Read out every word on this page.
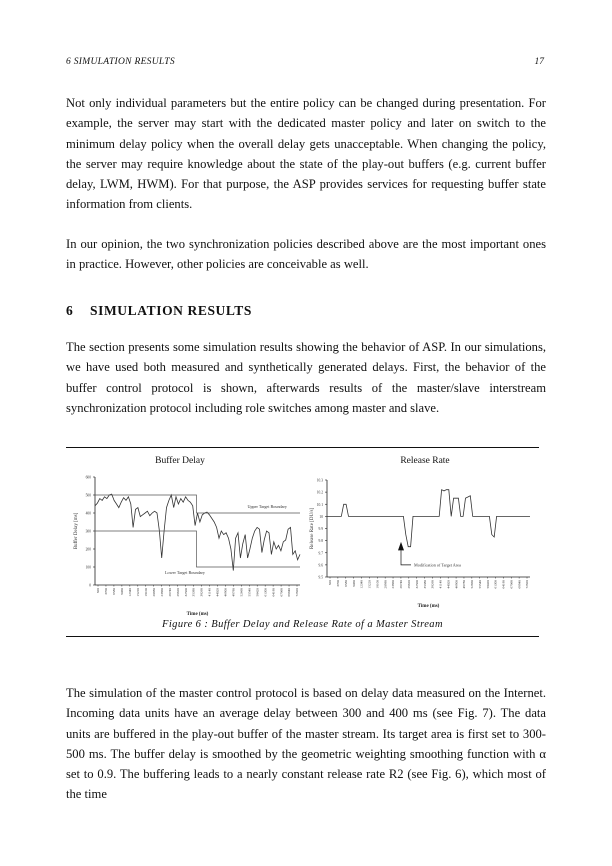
6 SIMULATION RESULTS	17

Not only individual parameters but the entire policy can be changed during presentation. For example, the server may start with the dedicated master policy and later on switch to the minimum delay policy when the overall delay gets unacceptable. When changing the policy, the server may require knowledge about the state of the play-out buffers (e.g. current buffer delay, LWM, HWM). For that purpose, the ASP provides services for requesting buffer state information from clients.

In our opinion, the two synchronization policies described above are the most important ones in practice. However, other policies are conceivable as well.

6 SIMULATION RESULTS

The section presents some simulation results showing the behavior of ASP. In our simulations, we have used both measured and synthetically generated delays. First, the behavior of the buffer control protocol is shown, afterwards results of the master/slave interstream synchronization protocol including role switches among master and slave.

Buffer Delay	Release Rate
0
100
200
300
400
500
600
Buffer Delay [ms]
820 3700 6580 9460 12340 15220 18100 20980 23860 26740 29620 32500 35380 38260 41140 44020 46900 49780 52660 55540 58420 61300 64180 67060 69940 72820
Time (ms)
Upper Target Boundary
Lower Target Boundary
9.5
9.6
9.7
9.8
9.9
10
10.1
10.2
10.3
Release Rate [DU/s]
820 3700 6580 9460 12340 15220 18100 20980 23860 26740 29620 32500 35380 38260 41140 44020 46900 49780 52660 55540 58420 61300 64180 67060 69940 72820
Time (ms)
Modification of Target Area
Figure 6 : Buffer Delay and Release Rate of a Master Stream

The simulation of the master control protocol is based on delay data measured on the Internet. Incoming data units have an average delay between 300 and 400 ms (see Fig. 7). The data units are buffered in the play-out buffer of the master stream. Its target area is first set to 300-500 ms. The buffer delay is smoothed by the geometric weighting smoothing function with α set to 0.9. The buffering leads to a nearly constant release rate R2 (see Fig. 6), which most of the time
